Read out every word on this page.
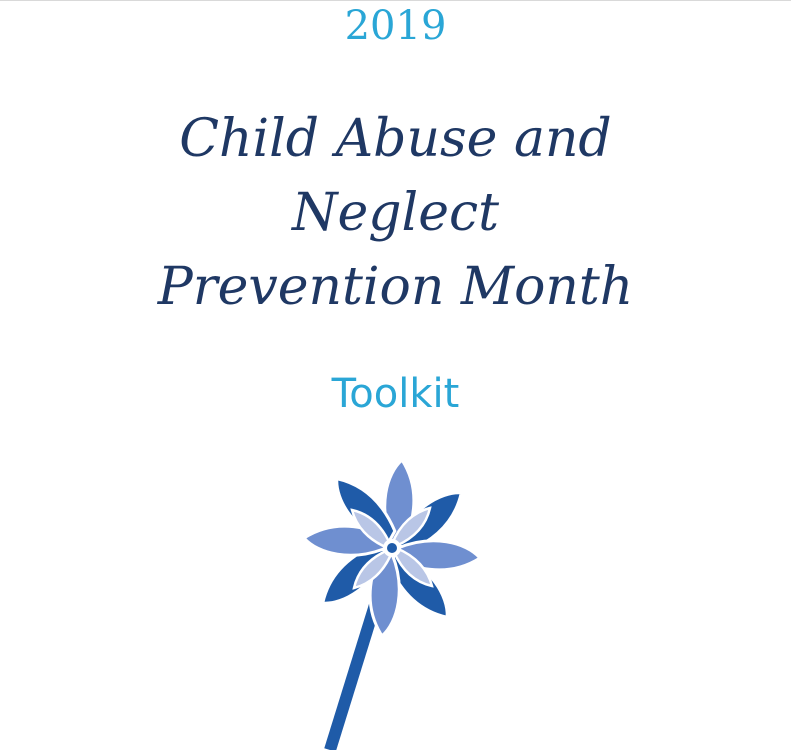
2019
Child Abuse and
Neglect
Prevention Month
Toolkit
